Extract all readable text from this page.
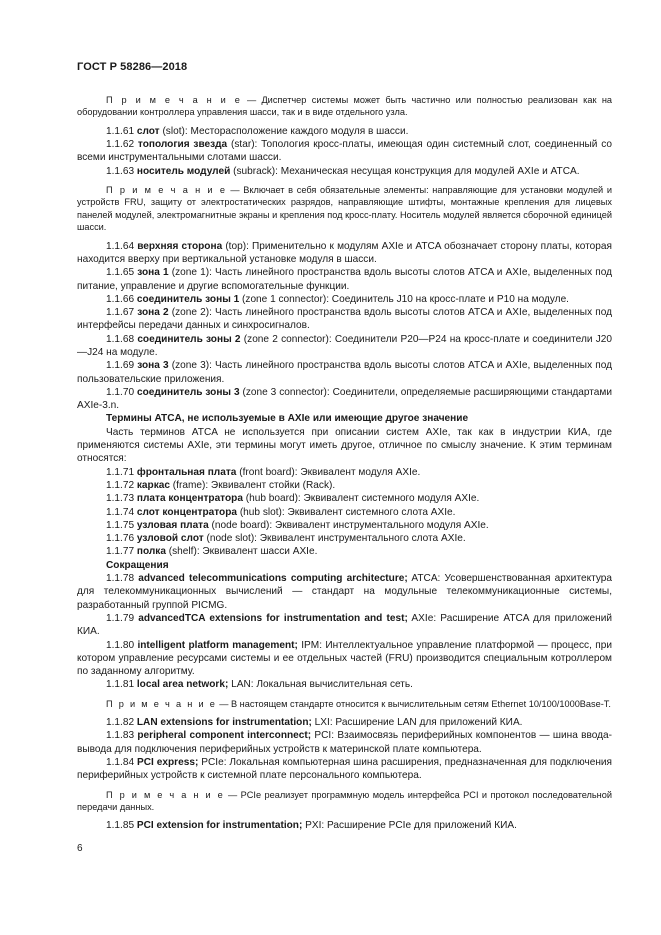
ГОСТ Р 58286—2018

П р и м е ч а н и е — Диспетчер системы может быть частично или полностью реализован как на оборудовании контроллера управления шасси, так и в виде отдельного узла.

1.1.61 слот (slot): Месторасположение каждого модуля в шасси.

1.1.62 топология звезда (star): Топология кросс-платы, имеющая один системный слот, соединенный со всеми инструментальными слотами шасси.

1.1.63 носитель модулей (subrack): Механическая несущая конструкция для модулей AXIe и ATCA.

П р и м е ч а н и е — Включает в себя обязательные элементы: направляющие для установки модулей и устройств FRU, защиту от электростатических разрядов, направляющие штифты, монтажные крепления для лицевых панелей модулей, электромагнитные экраны и крепления под кросс-плату. Носитель модулей является сборочной единицей шасси.

1.1.64 верхняя сторона (top): Применительно к модулям AXIe и ATCA обозначает сторону платы, которая находится вверху при вертикальной установке модуля в шасси.

1.1.65 зона 1 (zone 1): Часть линейного пространства вдоль высоты слотов ATCA и AXIe, выделенных под питание, управление и другие вспомогательные функции.

1.1.66 соединитель зоны 1 (zone 1 connector): Соединитель J10 на кросс-плате и Р10 на модуле.

1.1.67 зона 2 (zone 2): Часть линейного пространства вдоль высоты слотов ATCA и AXIe, выделенных под интерфейсы передачи данных и синхросигналов.

1.1.68 соединитель зоны 2 (zone 2 connector): Соединители Р20—Р24 на кросс-плате и соединители J20—J24 на модуле.

1.1.69 зона 3 (zone 3): Часть линейного пространства вдоль высоты слотов ATCA и AXIe, выделенных под пользовательские приложения.

1.1.70 соединитель зоны 3 (zone 3 connector): Соединители, определяемые расширяющими стандартами AXIe-3.n.

Термины ATCA, не используемые в AXIe или имеющие другое значение

Часть терминов ATCA не используется при описании систем AXIe, так как в индустрии КИА, где применяются системы AXIe, эти термины могут иметь другое, отличное по смыслу значение. К этим терминам относятся:

1.1.71 фронтальная плата (front board): Эквивалент модуля AXIe.

1.1.72 каркас (frame): Эквивалент стойки (Rack).

1.1.73 плата концентратора (hub board): Эквивалент системного модуля AXIe.

1.1.74 слот концентратора (hub slot): Эквивалент системного слота AXIe.

1.1.75 узловая плата (node board): Эквивалент инструментального модуля AXIe.

1.1.76 узловой слот (node slot): Эквивалент инструментального слота AXIe.

1.1.77 полка (shelf): Эквивалент шасси AXIe.

Сокращения

1.1.78 advanced telecommunications computing architecture; ATCA: Усовершенствованная архитектура для телекоммуникационных вычислений — стандарт на модульные телекоммуникационные системы, разработанный группой PICMG.

1.1.79 advancedTCA extensions for instrumentation and test; AXIe: Расширение ATCA для приложений КИА.

1.1.80 intelligent platform management; IPM: Интеллектуальное управление платформой — процесс, при котором управление ресурсами системы и ее отдельных частей (FRU) производится специальным котроллером по заданному алгоритму.

1.1.81 local area network; LAN: Локальная вычислительная сеть.

П р и м е ч а н и е — В настоящем стандарте относится к вычислительным сетям Ethernet 10/100/1000Base-T.

1.1.82 LAN extensions for instrumentation; LXI: Расширение LAN для приложений КИА.

1.1.83 peripheral component interconnect; PCI: Взаимосвязь периферийных компонентов — шина ввода-вывода для подключения периферийных устройств к материнской плате компьютера.

1.1.84 PCI express; PCIe: Локальная компьютерная шина расширения, предназначенная для подключения периферийных устройств к системной плате персонального компьютера.

П р и м е ч а н и е — PCIe реализует программную модель интерфейса PCI и протокол последовательной передачи данных.

1.1.85 PCI extension for instrumentation; PXI: Расширение PCIe для приложений КИА.

6
